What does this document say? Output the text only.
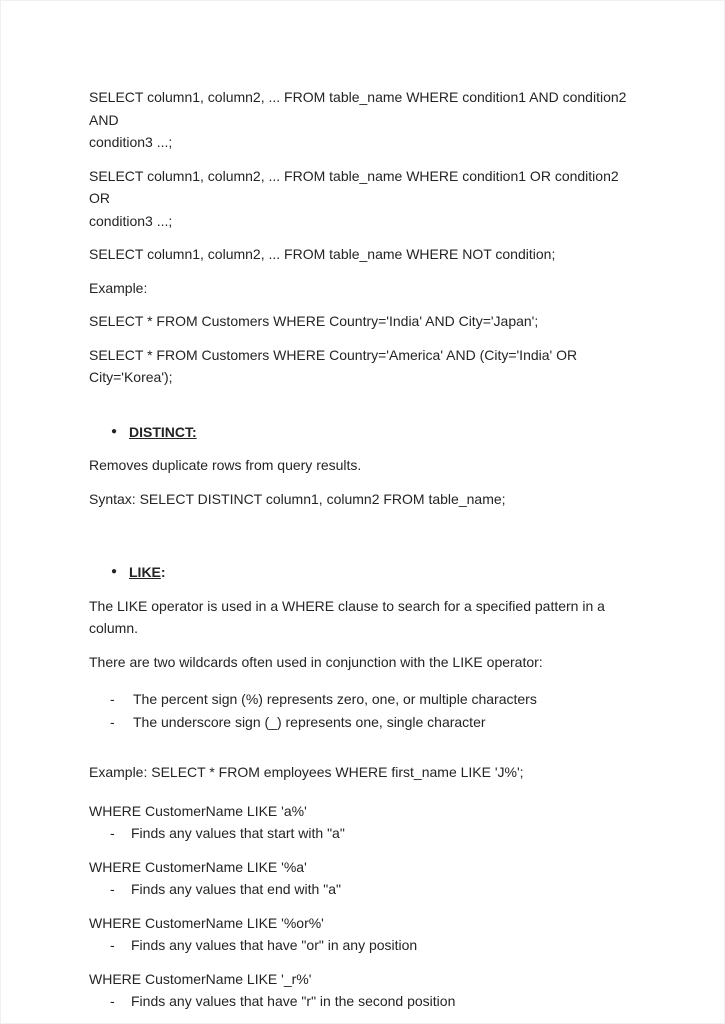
SELECT column1, column2, ... FROM table_name WHERE condition1 AND condition2 AND
condition3 ...;

SELECT column1, column2, ... FROM table_name WHERE condition1 OR condition2 OR
condition3 ...;

SELECT column1, column2, ... FROM table_name WHERE NOT condition;

Example:

SELECT * FROM Customers WHERE Country='India' AND City='Japan';

SELECT * FROM Customers WHERE Country='America' AND (City='India' OR
City='Korea');

● DISTINCT:

Removes duplicate rows from query results.

Syntax: SELECT DISTINCT column1, column2 FROM table_name;

● LIKE:

The LIKE operator is used in a WHERE clause to search for a specified pattern in a column.

There are two wildcards often used in conjunction with the LIKE operator:

- The percent sign (%) represents zero, one, or multiple characters
- The underscore sign (_) represents one, single character

Example: SELECT * FROM employees WHERE first_name LIKE 'J%';

WHERE CustomerName LIKE 'a%'

- Finds any values that start with "a"

WHERE CustomerName LIKE '%a'

- Finds any values that end with "a"

WHERE CustomerName LIKE '%or%'

- Finds any values that have "or" in any position

WHERE CustomerName LIKE '_r%'

- Finds any values that have "r" in the second position
